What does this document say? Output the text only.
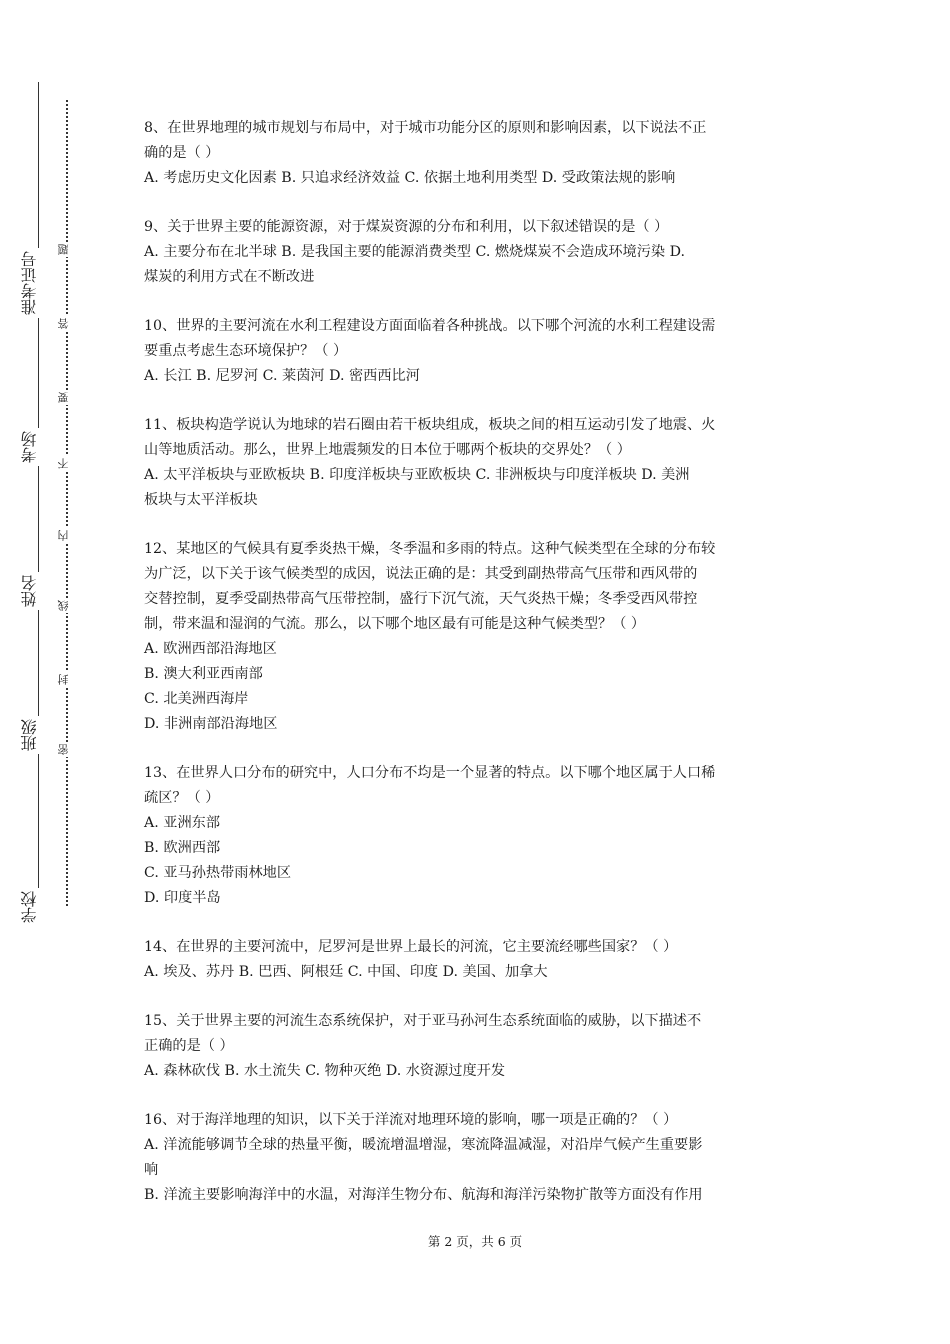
准考证号
考场
姓名
班级
学校
题
答
要
不
内
线
封
密
8、在世界地理的城市规划与布局中，对于城市功能分区的原则和影响因素，以下说法不正
确的是（ ）
A. 考虑历史文化因素 B. 只追求经济效益 C. 依据土地利用类型 D. 受政策法规的影响
9、关于世界主要的能源资源，对于煤炭资源的分布和利用，以下叙述错误的是（ ）
A. 主要分布在北半球 B. 是我国主要的能源消费类型 C. 燃烧煤炭不会造成环境污染 D.
煤炭的利用方式在不断改进
10、世界的主要河流在水利工程建设方面面临着各种挑战。以下哪个河流的水利工程建设需
要重点考虑生态环境保护？（ ）
A. 长江 B. 尼罗河 C. 莱茵河 D. 密西西比河
11、板块构造学说认为地球的岩石圈由若干板块组成，板块之间的相互运动引发了地震、火
山等地质活动。那么，世界上地震频发的日本位于哪两个板块的交界处？（ ）
A. 太平洋板块与亚欧板块 B. 印度洋板块与亚欧板块 C. 非洲板块与印度洋板块 D. 美洲
板块与太平洋板块
12、某地区的气候具有夏季炎热干燥，冬季温和多雨的特点。这种气候类型在全球的分布较
为广泛，以下关于该气候类型的成因，说法正确的是：其受到副热带高气压带和西风带的
交替控制，夏季受副热带高气压带控制，盛行下沉气流，天气炎热干燥；冬季受西风带控
制，带来温和湿润的气流。那么，以下哪个地区最有可能是这种气候类型？（ ）
A. 欧洲西部沿海地区
B. 澳大利亚西南部
C. 北美洲西海岸
D. 非洲南部沿海地区
13、在世界人口分布的研究中，人口分布不均是一个显著的特点。以下哪个地区属于人口稀
疏区？（ ）
A. 亚洲东部
B. 欧洲西部
C. 亚马孙热带雨林地区
D. 印度半岛
14、在世界的主要河流中，尼罗河是世界上最长的河流，它主要流经哪些国家？（ ）
A. 埃及、苏丹 B. 巴西、阿根廷 C. 中国、印度 D. 美国、加拿大
15、关于世界主要的河流生态系统保护，对于亚马孙河生态系统面临的威胁，以下描述不
正确的是（ ）
A. 森林砍伐 B. 水土流失 C. 物种灭绝 D. 水资源过度开发
16、对于海洋地理的知识，以下关于洋流对地理环境的影响，哪一项是正确的？（ ）
A. 洋流能够调节全球的热量平衡，暖流增温增湿，寒流降温减湿，对沿岸气候产生重要影
响
B. 洋流主要影响海洋中的水温，对海洋生物分布、航海和海洋污染物扩散等方面没有作用
第 2 页，共 6 页
